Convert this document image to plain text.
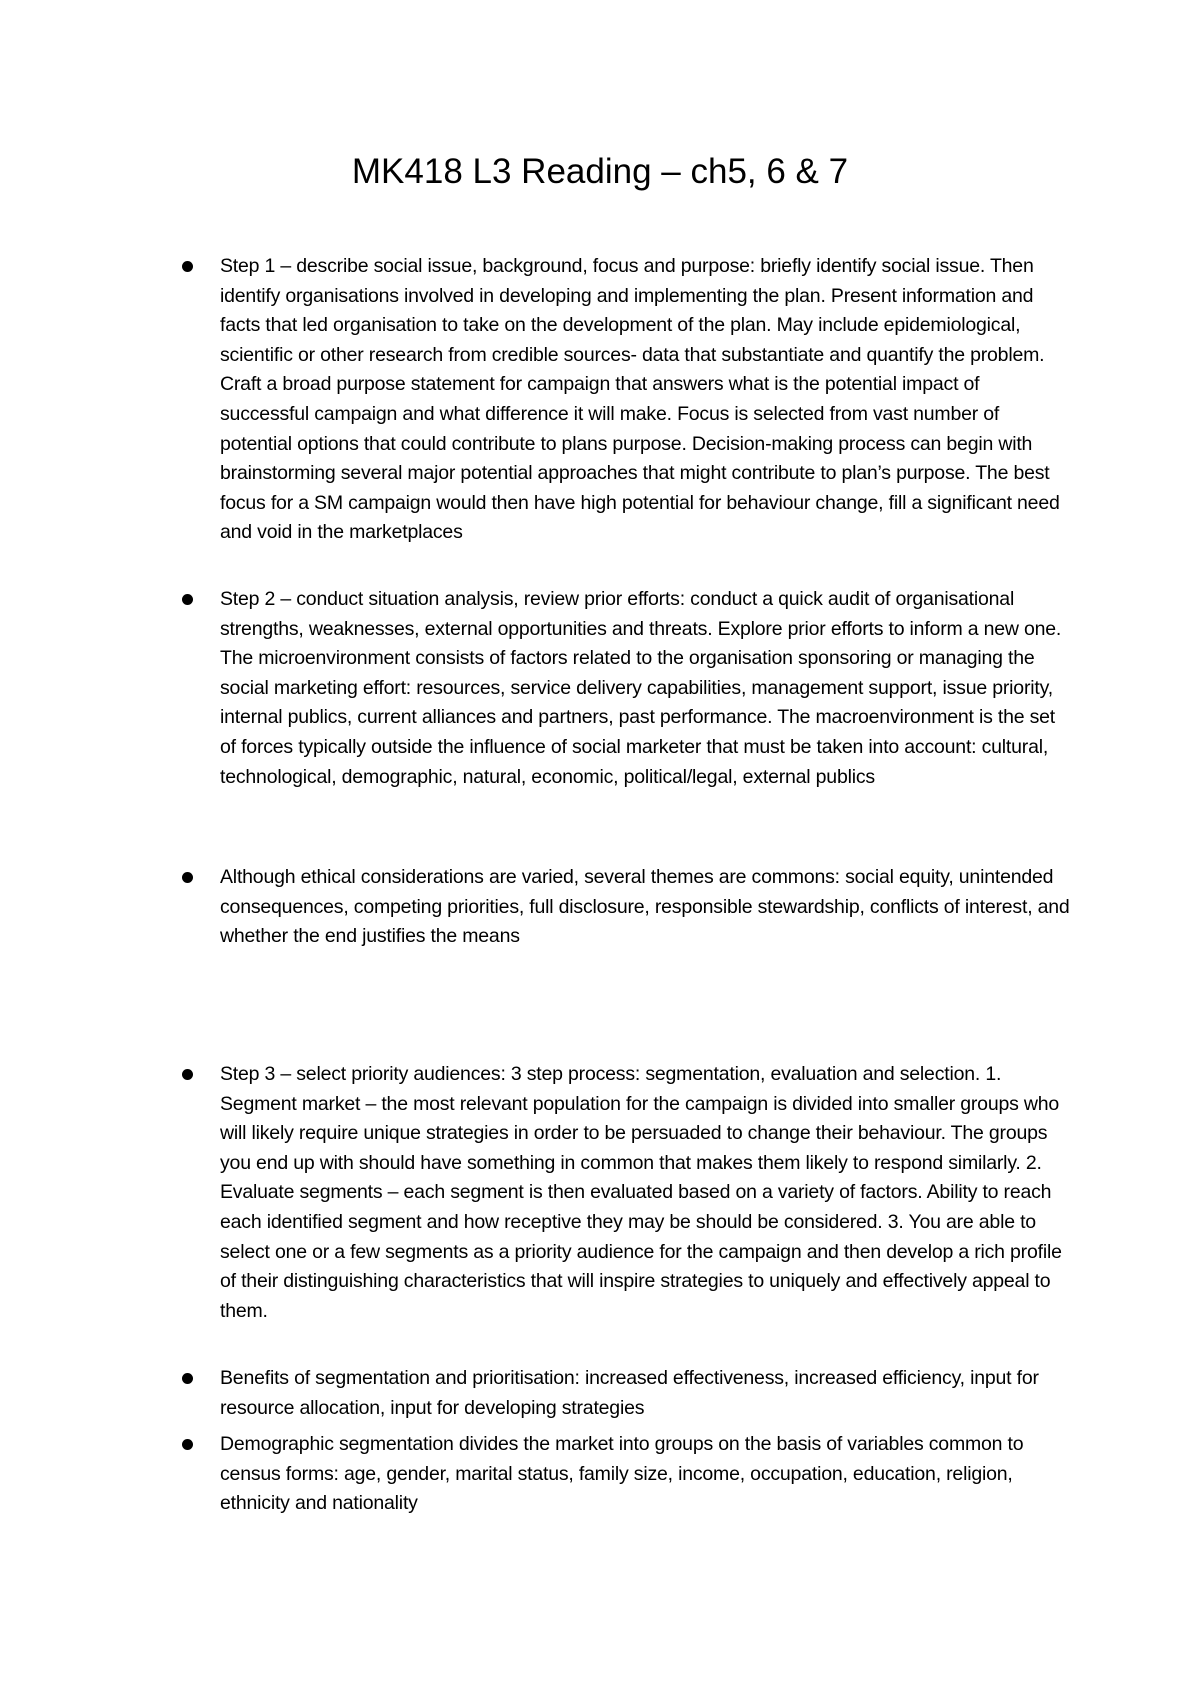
MK418 L3 Reading – ch5, 6 & 7
Step 1 – describe social issue, background, focus and purpose: briefly identify social issue. Then identify organisations involved in developing and implementing the plan. Present information and facts that led organisation to take on the development of the plan. May include epidemiological, scientific or other research from credible sources- data that substantiate and quantify the problem. Craft a broad purpose statement for campaign that answers what is the potential impact of successful campaign and what difference it will make. Focus is selected from vast number of potential options that could contribute to plans purpose. Decision-making process can begin with brainstorming several major potential approaches that might contribute to plan’s purpose. The best focus for a SM campaign would then have high potential for behaviour change, fill a significant need and void in the marketplaces
Step 2 – conduct situation analysis, review prior efforts: conduct a quick audit of organisational strengths, weaknesses, external opportunities and threats. Explore prior efforts to inform a new one. The microenvironment consists of factors related to the organisation sponsoring or managing the social marketing effort: resources, service delivery capabilities, management support, issue priority, internal publics, current alliances and partners, past performance. The macroenvironment is the set of forces typically outside the influence of social marketer that must be taken into account: cultural, technological, demographic, natural, economic, political/legal, external publics
Although ethical considerations are varied, several themes are commons: social equity, unintended consequences, competing priorities, full disclosure, responsible stewardship, conflicts of interest, and whether the end justifies the means
Step 3 – select priority audiences: 3 step process: segmentation, evaluation and selection. 1. Segment market – the most relevant population for the campaign is divided into smaller groups who will likely require unique strategies in order to be persuaded to change their behaviour. The groups you end up with should have something in common that makes them likely to respond similarly. 2. Evaluate segments – each segment is then evaluated based on a variety of factors. Ability to reach each identified segment and how receptive they may be should be considered. 3. You are able to select one or a few segments as a priority audience for the campaign and then develop a rich profile of their distinguishing characteristics that will inspire strategies to uniquely and effectively appeal to them.
Benefits of segmentation and prioritisation: increased effectiveness, increased efficiency, input for resource allocation, input for developing strategies
Demographic segmentation divides the market into groups on the basis of variables common to census forms: age, gender, marital status, family size, income, occupation, education, religion, ethnicity and nationality
